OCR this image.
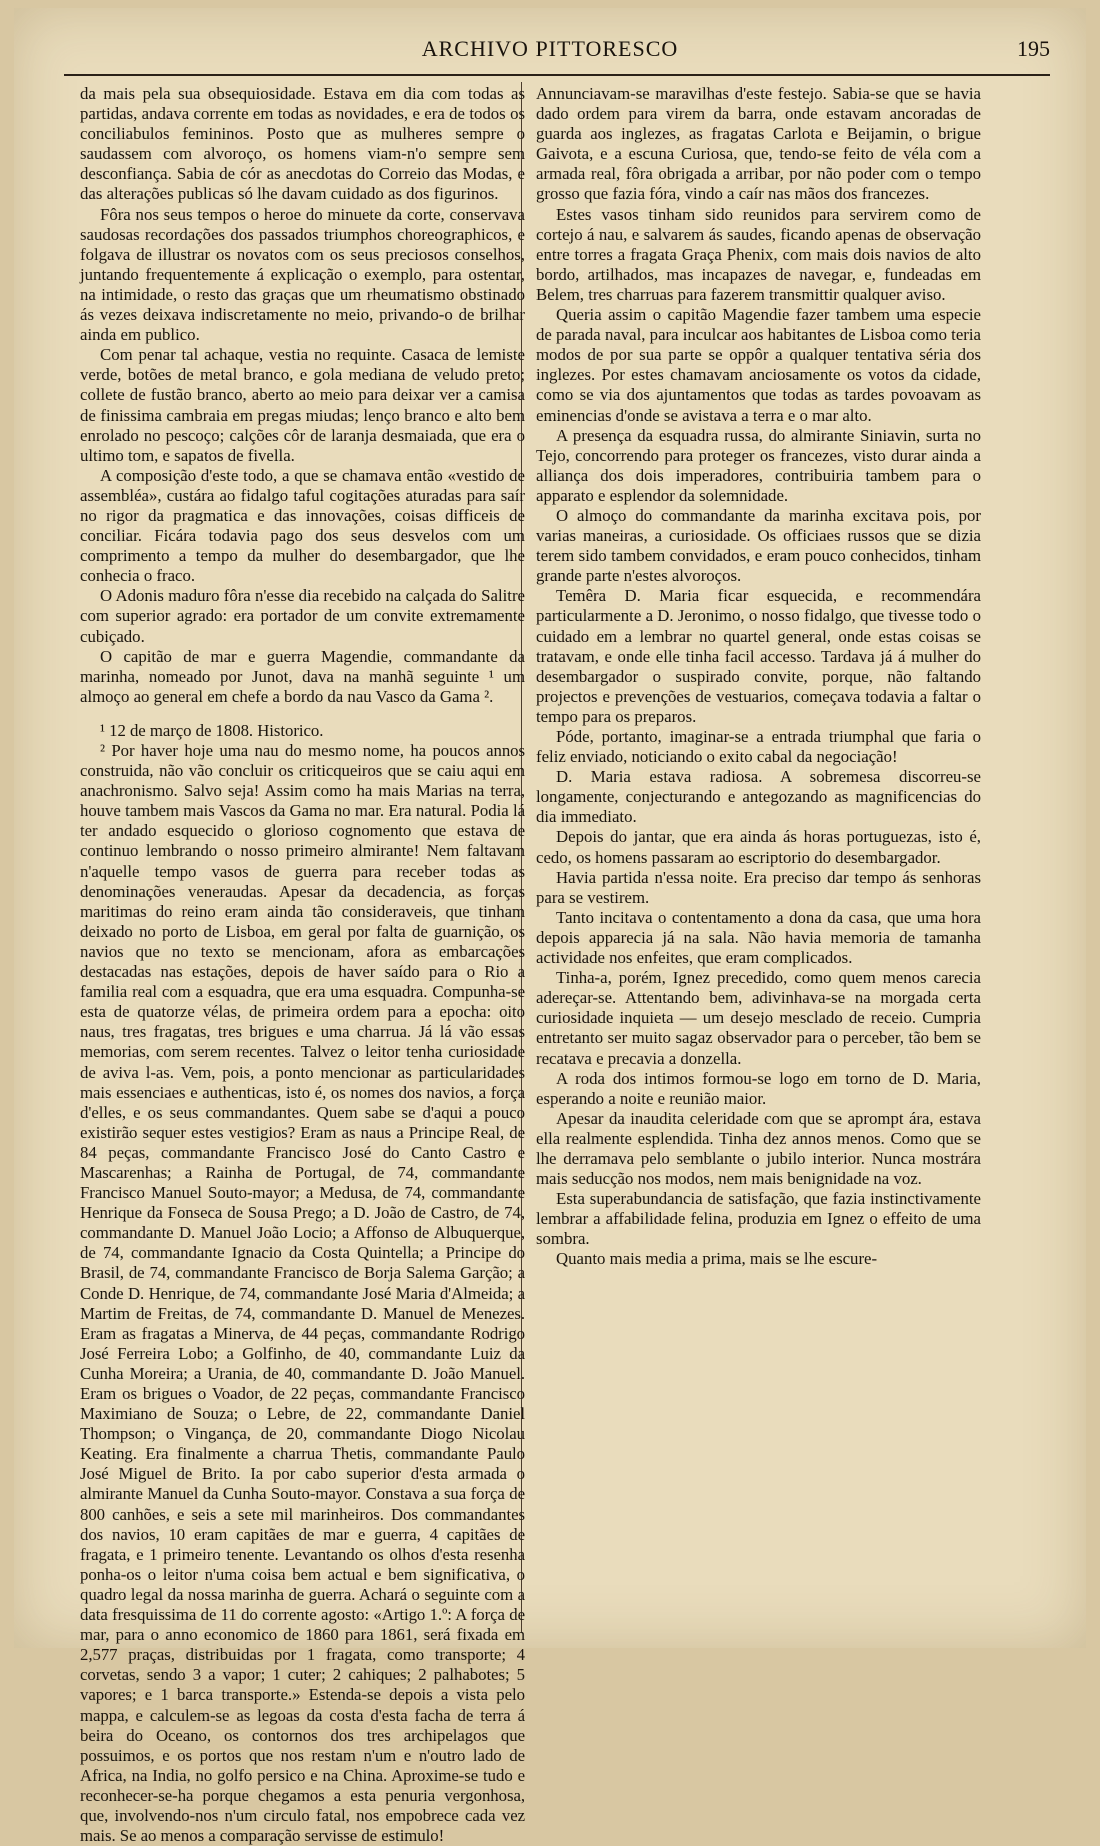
ARCHIVO PITTORESCO	195

da mais pela sua obsequiosidade. Estava em dia com todas as partidas, andava corrente em todas as novidades, e era de todos os conciliabulos femininos. Posto que as mulheres sempre o saudassem com alvoroço, os homens viam-n'o sempre sem desconfiança. Sabia de cór as anecdotas do Correio das Modas, e das alterações publicas só lhe davam cuidado as dos figurinos.

Fôra nos seus tempos o heroe do minuete da corte, conservava saudosas recordações dos passados triumphos choreographicos, e folgava de illustrar os novatos com os seus preciosos conselhos, juntando frequentemente á explicação o exemplo, para ostentar, na intimidade, o resto das graças que um rheumatismo obstinado ás vezes deixava indiscretamente no meio, privando-o de brilhar ainda em publico.

Com penar tal achaque, vestia no requinte. Casaca de lemiste verde, botões de metal branco, e gola mediana de veludo preto; collete de fustão branco, aberto ao meio para deixar ver a camisa de finissima cambraia em pregas miudas; lenço branco e alto bem enrolado no pescoço; calções côr de laranja desmaiada, que era o ultimo tom, e sapatos de fivella.

A composição d'este todo, a que se chamava então «vestido de assembléa», custára ao fidalgo taful cogitações aturadas para saír no rigor da pragmatica e das innovações, coisas difficeis de conciliar. Ficára todavia pago dos seus desvelos com um comprimento a tempo da mulher do desembargador, que lhe conhecia o fraco.

O Adonis maduro fôra n'esse dia recebido na calçada do Salitre com superior agrado: era portador de um convite extremamente cubiçado.

O capitão de mar e guerra Magendie, commandante da marinha, nomeado por Junot, dava na manhã seguinte ¹ um almoço ao general em chefe a bordo da nau Vasco da Gama ².

¹ 12 de março de 1808. Historico.

² Por haver hoje uma nau do mesmo nome, ha poucos annos construida, não vão concluir os criticqueiros que se caiu aqui em anachronismo. Salvo seja! Assim como ha mais Marias na terra, houve tambem mais Vascos da Gama no mar. Era natural. Podia lá ter andado esquecido o glorioso cognomento que estava de continuo lembrando o nosso primeiro almirante! Nem faltavam n'aquelle tempo vasos de guerra para receber todas as denominações veneraudas. Apesar da decadencia, as forças maritimas do reino eram ainda tão consideraveis, que tinham deixado no porto de Lisboa, em geral por falta de guarnição, os navios que no texto se mencionam, afora as embarcações destacadas nas estações, depois de haver saído para o Rio a familia real com a esquadra, que era uma esquadra. Compunha-se esta de quatorze vélas, de primeira ordem para a epocha: oito naus, tres fragatas, tres brigues e uma charrua. Já lá vão essas memorias, com serem recentes. Talvez o leitor tenha curiosidade de aviva l-as. Vem, pois, a ponto mencionar as particularidades mais essenciaes e authenticas, isto é, os nomes dos navios, a força d'elles, e os seus commandantes. Quem sabe se d'aqui a pouco existirão sequer estes vestigios? Eram as naus a Principe Real, de 84 peças, commandante Francisco José do Canto Castro e Mascarenhas; a Rainha de Portugal, de 74, commandante Francisco Manuel Souto-mayor; a Medusa, de 74, commandante Henrique da Fonseca de Sousa Prego; a D. João de Castro, de 74, commandante D. Manuel João Locio; a Affonso de Albuquerque, de 74, commandante Ignacio da Costa Quintella; a Principe do Brasil, de 74, commandante Francisco de Borja Salema Garção; a Conde D. Henrique, de 74, commandante José Maria d'Almeida; a Martim de Freitas, de 74, commandante D. Manuel de Menezes. Eram as fragatas a Minerva, de 44 peças, commandante Rodrigo José Ferreira Lobo; a Golfinho, de 40, commandante Luiz da Cunha Moreira; a Urania, de 40, commandante D. João Manuel. Eram os brigues o Voador, de 22 peças, commandante Francisco Maximiano de Souza; o Lebre, de 22, commandante Daniel Thompson; o Vingança, de 20, commandante Diogo Nicolau Keating. Era finalmente a charrua Thetis, commandante Paulo José Miguel de Brito. Ia por cabo superior d'esta armada o almirante Manuel da Cunha Souto-mayor. Constava a sua força de 800 canhões, e seis a sete mil marinheiros. Dos commandantes dos navios, 10 eram capitães de mar e guerra, 4 capitães de fragata, e 1 primeiro tenente. Levantando os olhos d'esta resenha ponha-os o leitor n'uma coisa bem actual e bem significativa, o quadro legal da nossa marinha de guerra. Achará o seguinte com a data fresquissima de 11 do corrente agosto: «Artigo 1.º: A força de mar, para o anno economico de 1860 para 1861, será fixada em 2,577 praças, distribuidas por 1 fragata, como transporte; 4 corvetas, sendo 3 a vapor; 1 cuter; 2 cahiques; 2 palhabotes; 5 vapores; e 1 barca transporte.» Estenda-se depois a vista pelo mappa, e calculem-se as legoas da costa d'esta facha de terra á beira do Oceano, os contornos dos tres archipelagos que possuimos, e os portos que nos restam n'um e n'outro lado de Africa, na India, no golfo persico e na China. Aproxime-se tudo e reconhecer-se-ha porque chegamos a esta penuria vergonhosa, que, involvendo-nos n'um circulo fatal, nos empobrece cada vez mais. Se ao menos a comparação servisse de estimulo!

Annunciavam-se maravilhas d'este festejo. Sabia-se que se havia dado ordem para virem da barra, onde estavam ancoradas de guarda aos inglezes, as fragatas Carlota e Beijamin, o brigue Gaivota, e a escuna Curiosa, que, tendo-se feito de véla com a armada real, fôra obrigada a arribar, por não poder com o tempo grosso que fazia fóra, vindo a caír nas mãos dos francezes.

Estes vasos tinham sido reunidos para servirem como de cortejo á nau, e salvarem ás saudes, ficando apenas de observação entre torres a fragata Graça Phenix, com mais dois navios de alto bordo, artilhados, mas incapazes de navegar, e, fundeadas em Belem, tres charruas para fazerem transmittir qualquer aviso.

Queria assim o capitão Magendie fazer tambem uma especie de parada naval, para inculcar aos habitantes de Lisboa como teria modos de por sua parte se oppôr a qualquer tentativa séria dos inglezes. Por estes chamavam anciosamente os votos da cidade, como se via dos ajuntamentos que todas as tardes povoavam as eminencias d'onde se avistava a terra e o mar alto.

A presença da esquadra russa, do almirante Siniavin, surta no Tejo, concorrendo para proteger os francezes, visto durar ainda a alliança dos dois imperadores, contribuiria tambem para o apparato e esplendor da solemnidade.

O almoço do commandante da marinha excitava pois, por varias maneiras, a curiosidade. Os officiaes russos que se dizia terem sido tambem convidados, e eram pouco conhecidos, tinham grande parte n'estes alvoroços.

Temêra D. Maria ficar esquecida, e recommendára particularmente a D. Jeronimo, o nosso fidalgo, que tivesse todo o cuidado em a lembrar no quartel general, onde estas coisas se tratavam, e onde elle tinha facil accesso. Tardava já á mulher do desembargador o suspirado convite, porque, não faltando projectos e prevenções de vestuarios, começava todavia a faltar o tempo para os preparos.

Póde, portanto, imaginar-se a entrada triumphal que faria o feliz enviado, noticiando o exito cabal da negociação!

D. Maria estava radiosa. A sobremesa discorreu-se longamente, conjecturando e antegozando as magnificencias do dia immediato.

Depois do jantar, que era ainda ás horas portuguezas, isto é, cedo, os homens passaram ao escriptorio do desembargador.

Havia partida n'essa noite. Era preciso dar tempo ás senhoras para se vestirem.

Tanto incitava o contentamento a dona da casa, que uma hora depois apparecia já na sala. Não havia memoria de tamanha actividade nos enfeites, que eram complicados.

Tinha-a, porém, Ignez precedido, como quem menos carecia adereçar-se. Attentando bem, adivinhava-se na morgada certa curiosidade inquieta — um desejo mesclado de receio. Cumpria entretanto ser muito sagaz observador para o perceber, tão bem se recatava e precavia a donzella.

A roda dos intimos formou-se logo em torno de D. Maria, esperando a noite e reunião maior.

Apesar da inaudita celeridade com que se aprompt ára, estava ella realmente esplendida. Tinha dez annos menos. Como que se lhe derramava pelo semblante o jubilo interior. Nunca mostrára mais seducção nos modos, nem mais benignidade na voz.

Esta superabundancia de satisfação, que fazia instinctivamente lembrar a affabilidade felina, produzia em Ignez o effeito de uma sombra.

Quanto mais media a prima, mais se lhe escure-
